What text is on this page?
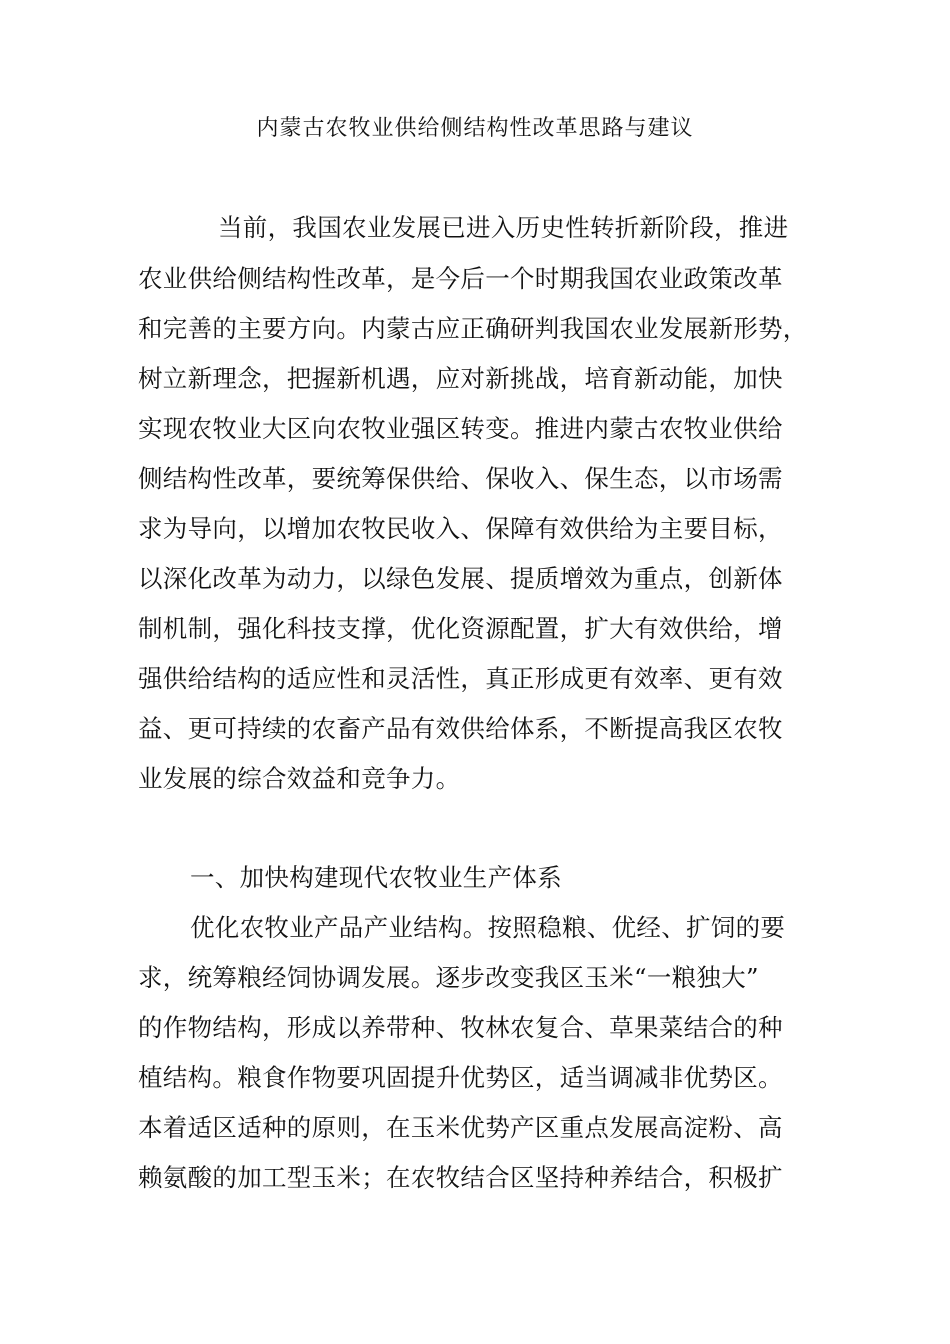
内蒙古农牧业供给侧结构性改革思路与建议
当前，我国农业发展已进入历史性转折新阶段，推进
农业供给侧结构性改革，是今后一个时期我国农业政策改革
和完善的主要方向。内蒙古应正确研判我国农业发展新形势，
树立新理念，把握新机遇，应对新挑战，培育新动能，加快
实现农牧业大区向农牧业强区转变。推进内蒙古农牧业供给
侧结构性改革，要统筹保供给、保收入、保生态，以市场需
求为导向，以增加农牧民收入、保障有效供给为主要目标，
以深化改革为动力，以绿色发展、提质增效为重点，创新体
制机制，强化科技支撑，优化资源配置，扩大有效供给，增
强供给结构的适应性和灵活性，真正形成更有效率、更有效
益、更可持续的农畜产品有效供给体系，不断提高我区农牧
业发展的综合效益和竞争力。
一、加快构建现代农牧业生产体系
优化农牧业产品产业结构。按照稳粮、优经、扩饲的要
求，统筹粮经饲协调发展。逐步改变我区玉米“一粮独大”
的作物结构，形成以养带种、牧林农复合、草果菜结合的种
植结构。粮食作物要巩固提升优势区，适当调减非优势区。
本着适区适种的原则，在玉米优势产区重点发展高淀粉、高
赖氨酸的加工型玉米；在农牧结合区坚持种养结合，积极扩
